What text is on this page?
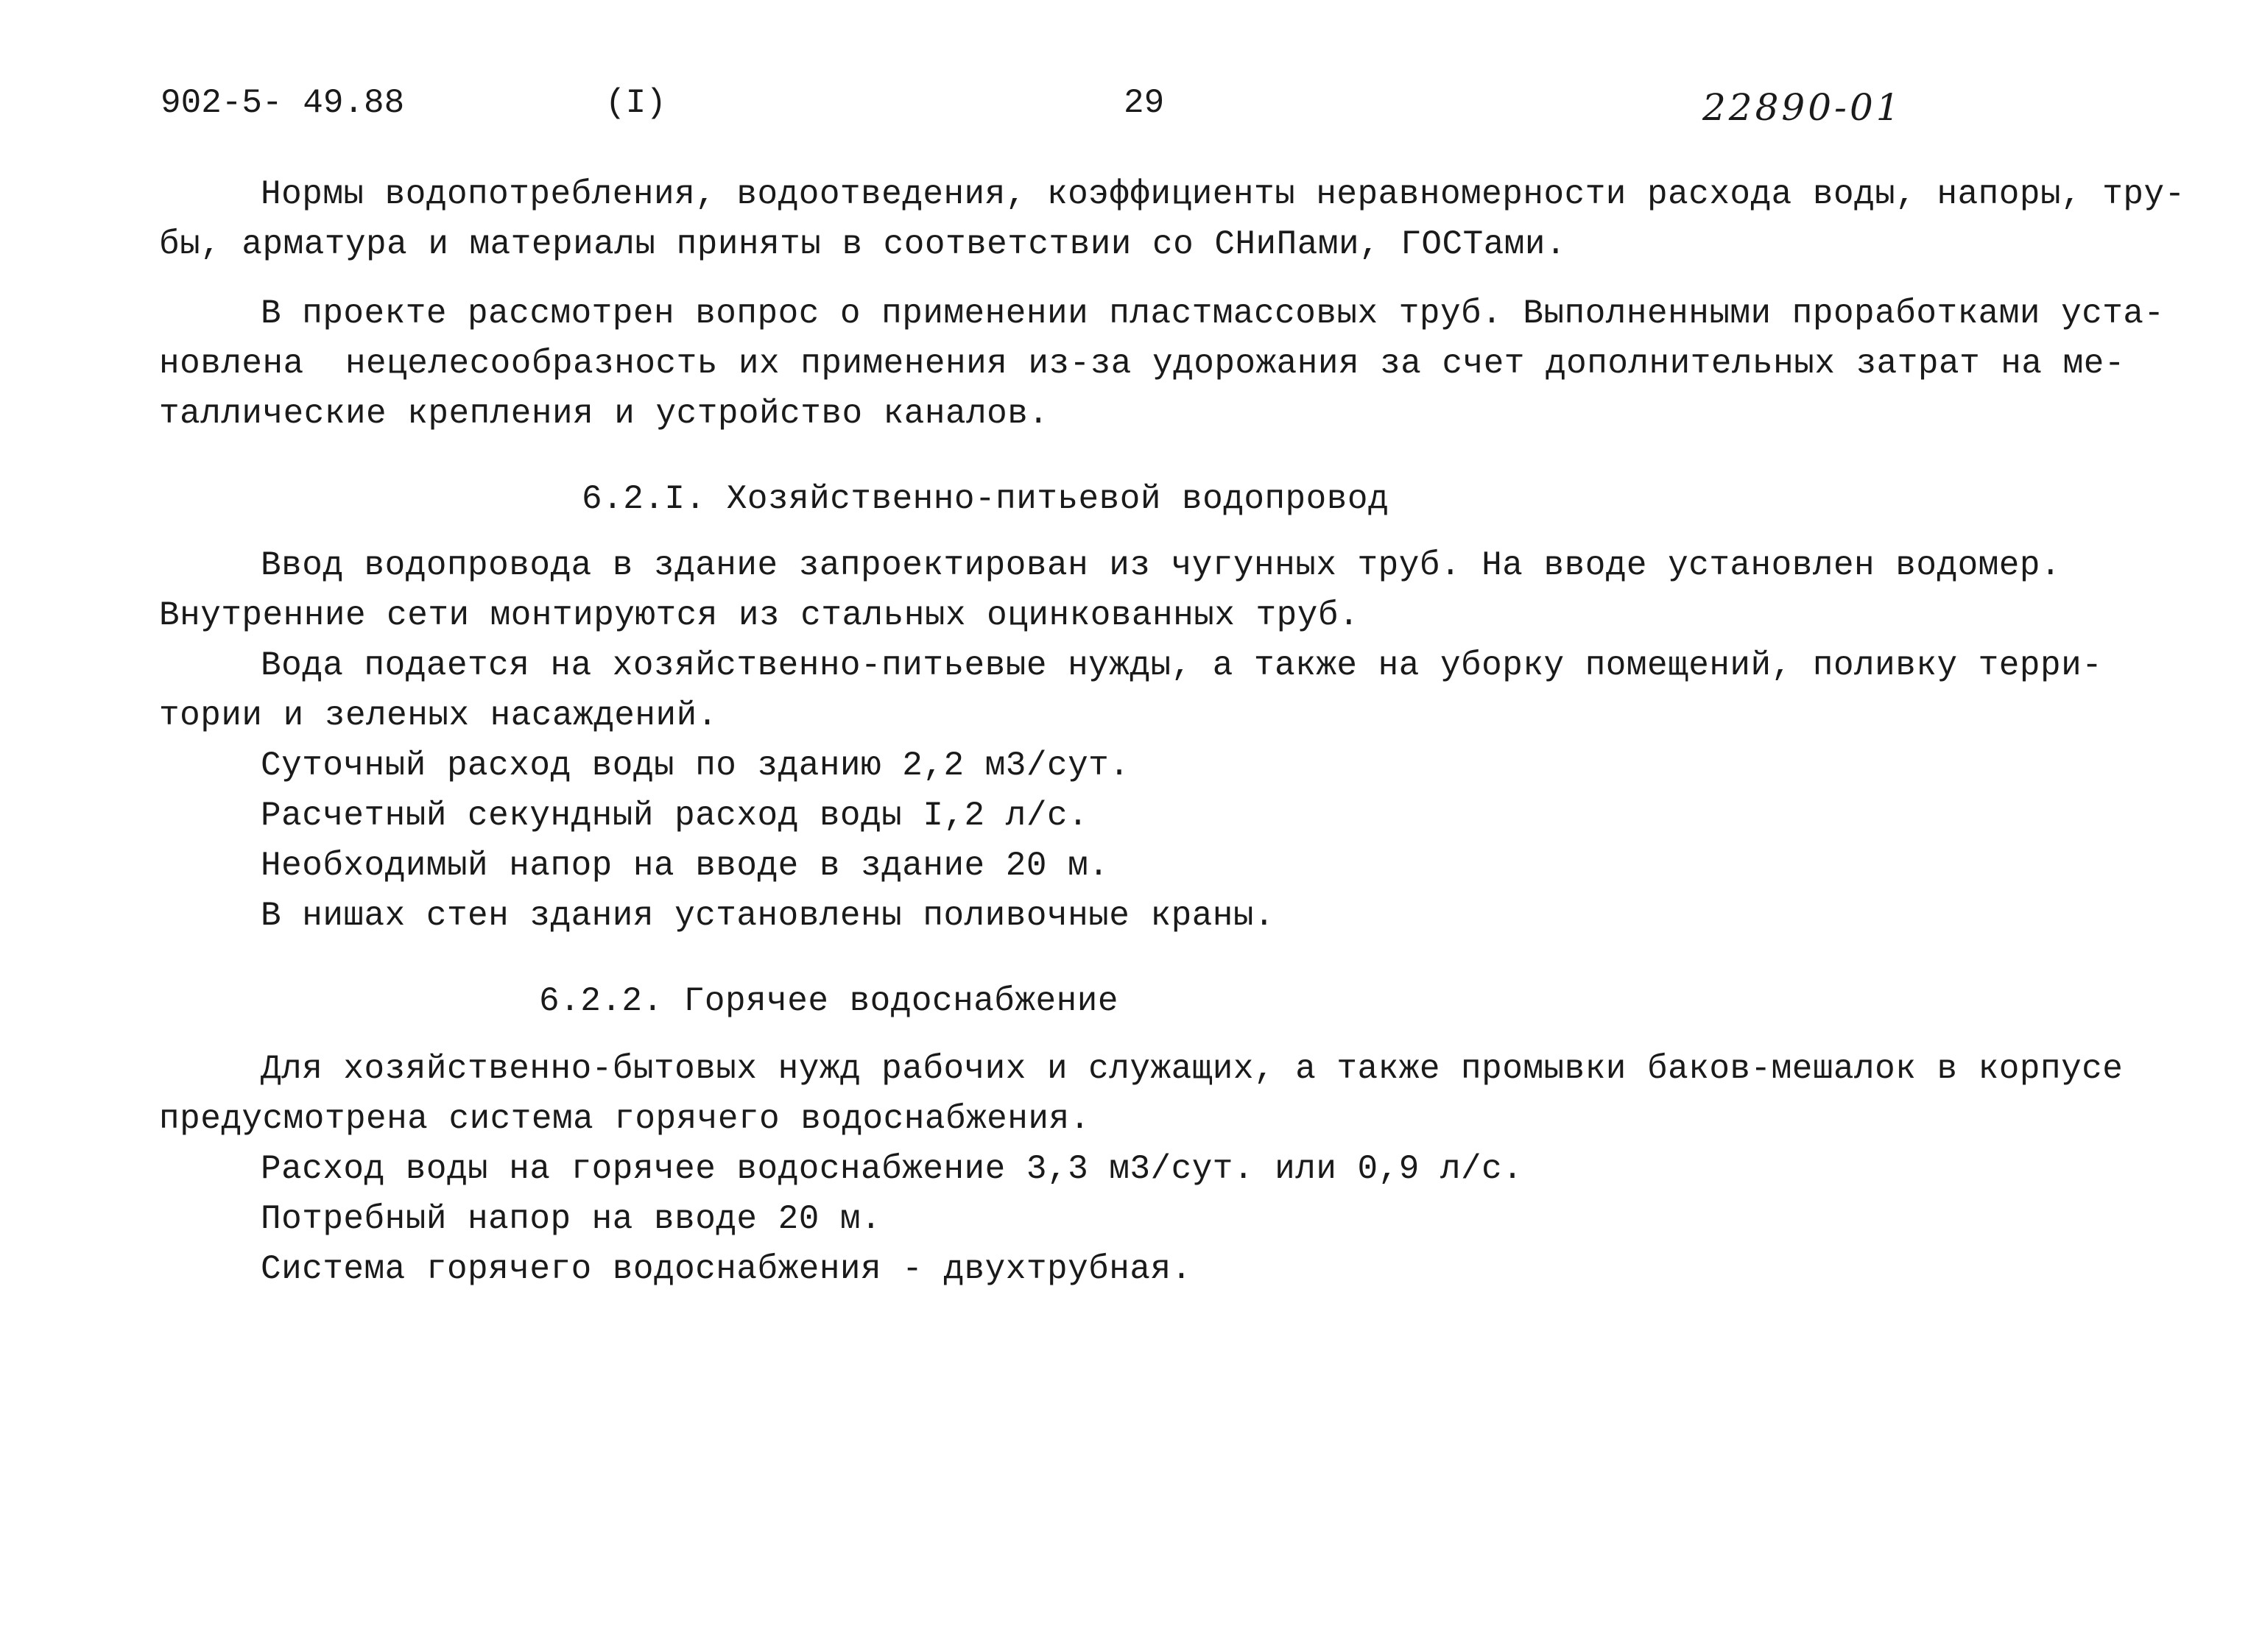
902-5- 49.88	(I)	29	22890-01
Нормы водопотребления, водоотведения, коэффициенты неравномерности расхода воды, напоры, тру-
бы, арматура и материалы приняты в соответствии со СНиПами, ГОСТами.
В проекте рассмотрен вопрос о применении пластмассовых труб. Выполненными проработками уста-
новлена  нецелесообразность их применения из-за удорожания за счет дополнительных затрат на ме-
таллические крепления и устройство каналов.
6.2.I. Хозяйственно-питьевой водопровод
Ввод водопровода в здание запроектирован из чугунных труб. На вводе установлен водомер.
Внутренние сети монтируются из стальных оцинкованных труб.
Вода подается на хозяйственно-питьевые нужды, а также на уборку помещений, поливку терри-
тории и зеленых насаждений.
Суточный расход воды по зданию 2,2 м3/сут.
Расчетный секундный расход воды I,2 л/с.
Необходимый напор на вводе в здание 20 м.
В нишах стен здания установлены поливочные краны.
6.2.2. Горячее водоснабжение
Для хозяйственно-бытовых нужд рабочих и служащих, а также промывки баков-мешалок в корпусе
предусмотрена система горячего водоснабжения.
Расход воды на горячее водоснабжение 3,3 м3/сут. или 0,9 л/с.
Потребный напор на вводе 20 м.
Система горячего водоснабжения - двухтрубная.
